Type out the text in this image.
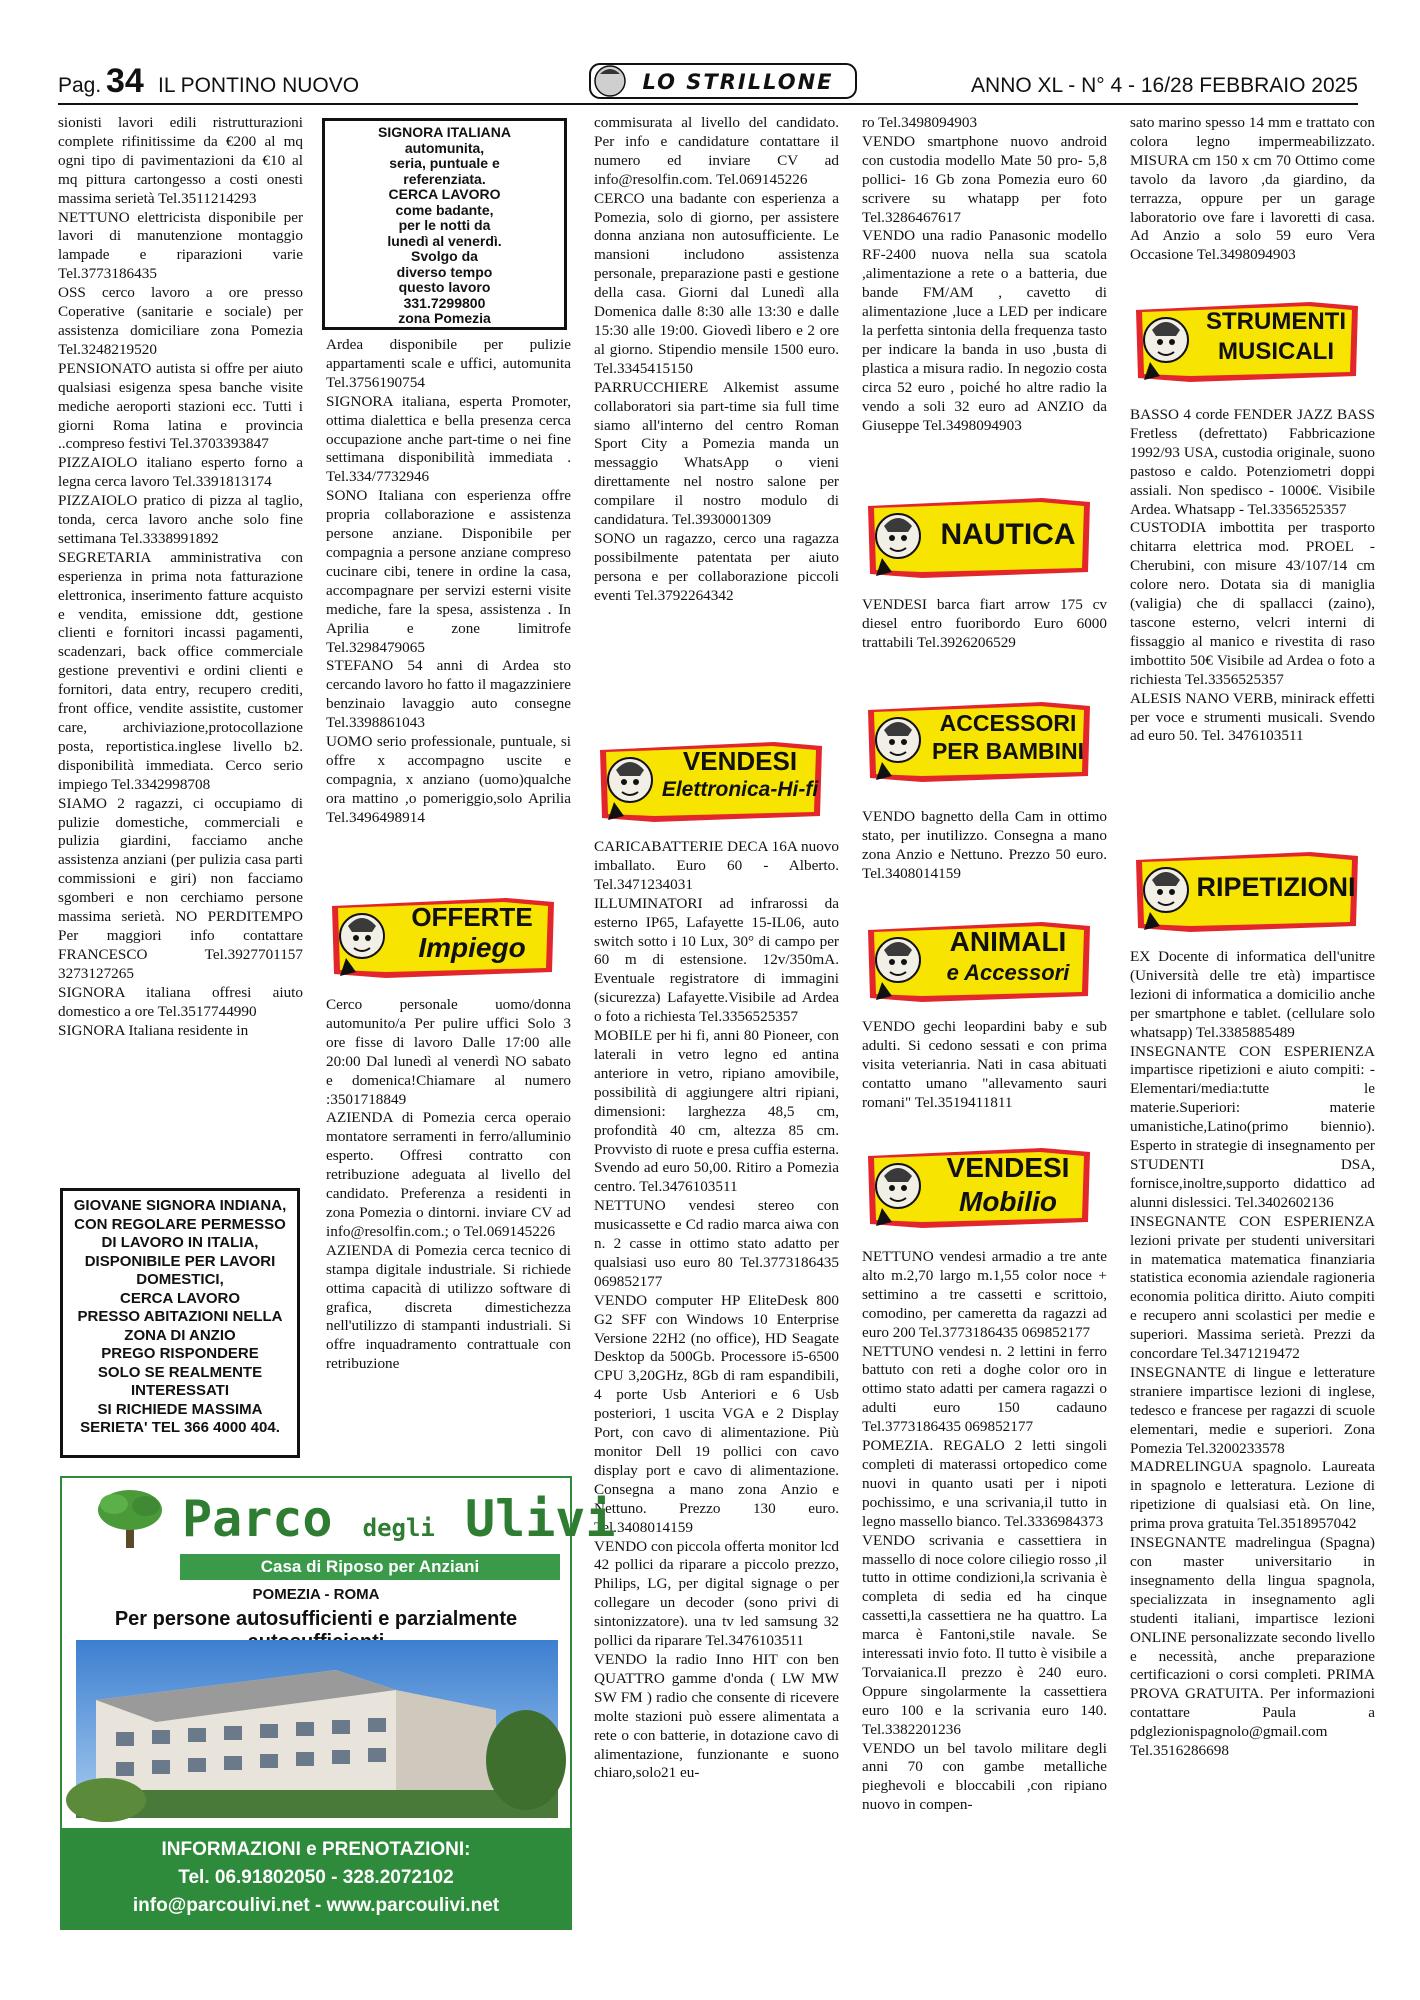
Pag. 34 IL PONTINO NUOVO	LO STRILLONE	ANNO XL - N° 4 - 16/28 FEBBRAIO 2025

sionisti lavori edili ristrutturazioni complete rifinitissime da €200 al mq ogni tipo di pavimentazioni da €10 al mq pittura cartongesso a costi onesti massima serietà Tel.3511214293

NETTUNO elettricista disponibile per lavori di manutenzione montaggio lampade e riparazioni varie Tel.3773186435

OSS cerco lavoro a ore presso Coperative (sanitarie e sociale) per assistenza domiciliare zona Pomezia Tel.3248219520

PENSIONATO autista si offre per aiuto qualsiasi esigenza spesa banche visite mediche aeroporti stazioni ecc. Tutti i giorni Roma latina e provincia ..compreso festivi Tel.3703393847

PIZZAIOLO italiano esperto forno a legna cerca lavoro Tel.3391813174

PIZZAIOLO pratico di pizza al taglio, tonda, cerca lavoro anche solo fine settimana Tel.3338991892

SEGRETARIA amministrativa con esperienza in prima nota fatturazione elettronica, inserimento fatture acquisto e vendita, emissione ddt, gestione clienti e fornitori incassi pagamenti, scadenzari, back office commerciale gestione preventivi e ordini clienti e fornitori, data entry, recupero crediti, front office, vendite assistite, customer care, archiviazione,protocollazione posta, reportistica.inglese livello b2. disponibilità immediata. Cerco serio impiego Tel.3342998708

SIAMO 2 ragazzi, ci occupiamo di pulizie domestiche, commerciali e pulizia giardini, facciamo anche assistenza anziani (per pulizia casa parti commissioni e giri) non facciamo sgomberi e non cerchiamo persone massima serietà. NO PERDITEMPO Per maggiori info contattare FRANCESCO Tel.3927701157 3273127265

SIGNORA italiana offresi aiuto domestico a ore Tel.3517744990

SIGNORA Italiana residente in

GIOVANE SIGNORA INDIANA,
CON REGOLARE PERMESSO
DI LAVORO IN ITALIA,
DISPONIBILE PER LAVORI
DOMESTICI,
CERCA LAVORO
PRESSO ABITAZIONI NELLA
ZONA DI ANZIO
PREGO RISPONDERE
SOLO SE REALMENTE
INTERESSATI
SI RICHIEDE MASSIMA
SERIETA' TEL 366 4000 404.
SIGNORA ITALIANA
automunita,
seria, puntuale e
referenziata.
CERCA LAVORO
come badante,
per le notti da
lunedì al venerdì.
Svolgo da
diverso tempo
questo lavoro
331.7299800
zona Pomezia

Ardea disponibile per pulizie appartamenti scale e uffici, automunita Tel.3756190754

SIGNORA italiana, esperta Promoter, ottima dialettica e bella presenza cerca occupazione anche part-time o nei fine settimana disponibilità immediata . Tel.334/7732946

SONO Italiana con esperienza offre propria collaborazione e assistenza persone anziane. Disponibile per compagnia a persone anziane compreso cucinare cibi, tenere in ordine la casa, accompagnare per servizi esterni visite mediche, fare la spesa, assistenza . In Aprilia e zone limitrofe Tel.3298479065

STEFANO 54 anni di Ardea sto cercando lavoro ho fatto il magazziniere benzinaio lavaggio auto consegne Tel.3398861043

UOMO serio professionale, puntuale, si offre x accompagno uscite e compagnia, x anziano (uomo)qualche ora mattino ,o pomeriggio,solo Aprilia Tel.3496498914

OFFERTE
Impiego

Cerco personale uomo/donna automunito/a Per pulire uffici Solo 3 ore fisse di lavoro Dalle 17:00 alle 20:00 Dal lunedì al venerdì NO sabato e domenica!Chiamare al numero :3501718849

AZIENDA di Pomezia cerca operaio montatore serramenti in ferro/alluminio esperto. Offresi contratto con retribuzione adeguata al livello del candidato. Preferenza a residenti in zona Pomezia o dintorni. inviare CV ad info@resolfin.com.; o Tel.069145226

AZIENDA di Pomezia cerca tecnico di stampa digitale industriale. Si richiede ottima capacità di utilizzo software di grafica, discreta dimestichezza nell'utilizzo di stampanti industriali. Si offre inquadramento contrattuale con retribuzione

commisurata al livello del candidato. Per info e candidature contattare il numero ed inviare CV ad info@resolfin.com. Tel.069145226

CERCO una badante con esperienza a Pomezia, solo di giorno, per assistere donna anziana non autosufficiente. Le mansioni includono assistenza personale, preparazione pasti e gestione della casa. Giorni dal Lunedì alla Domenica dalle 8:30 alle 13:30 e dalle 15:30 alle 19:00. Giovedì libero e 2 ore al giorno. Stipendio mensile 1500 euro. Tel.3345415150

PARRUCCHIERE Alkemist assume collaboratori sia part-time sia full time siamo all'interno del centro Roman Sport City a Pomezia manda un messaggio WhatsApp o vieni direttamente nel nostro salone per compilare il nostro modulo di candidatura. Tel.3930001309

SONO un ragazzo, cerco una ragazza possibilmente patentata per aiuto persona e per collaborazione piccoli eventi Tel.3792264342

VENDESI
Elettronica-Hi-fi

CARICABATTERIE DECA 16A nuovo imballato. Euro 60 - Alberto. Tel.3471234031

ILLUMINATORI ad infrarossi da esterno IP65, Lafayette 15-IL06, auto switch sotto i 10 Lux, 30° di campo per 60 m di estensione. 12v/350mA. Eventuale registratore di immagini (sicurezza) Lafayette.Visibile ad Ardea o foto a richiesta Tel.3356525357

MOBILE per hi fi, anni 80 Pioneer, con laterali in vetro legno ed antina anteriore in vetro, ripiano amovibile, possibilità di aggiungere altri ripiani, dimensioni: larghezza 48,5 cm, profondità 40 cm, altezza 85 cm. Provvisto di ruote e presa cuffia esterna. Svendo ad euro 50,00. Ritiro a Pomezia centro. Tel.3476103511

NETTUNO vendesi stereo con musicassette e Cd radio marca aiwa con n. 2 casse in ottimo stato adatto per qualsiasi uso euro 80 Tel.3773186435 069852177

VENDO computer HP EliteDesk 800 G2 SFF con Windows 10 Enterprise Versione 22H2 (no office), HD Seagate Desktop da 500Gb. Processore i5-6500 CPU 3,20GHz, 8Gb di ram espandibili, 4 porte Usb Anteriori e 6 Usb posteriori, 1 uscita VGA e 2 Display Port, con cavo di alimentazione. Più monitor Dell 19 pollici con cavo display port e cavo di alimentazione. Consegna a mano zona Anzio e Nettuno. Prezzo 130 euro. Tel.3408014159

VENDO con piccola offerta monitor lcd 42 pollici da riparare a piccolo prezzo, Philips, LG, per digital signage o per collegare un decoder (sono privi di sintonizzatore). una tv led samsung 32 pollici da riparare Tel.3476103511

VENDO la radio Inno HIT con ben QUATTRO gamme d'onda ( LW MW SW FM ) radio che consente di ricevere molte stazioni può essere alimentata a rete o con batterie, in dotazione cavo di alimentazione, funzionante e suono chiaro,solo21 eu-

ro Tel.3498094903

VENDO smartphone nuovo android con custodia modello Mate 50 pro- 5,8 pollici- 16 Gb zona Pomezia euro 60 scrivere su whatapp per foto Tel.3286467617

VENDO una radio Panasonic modello RF-2400 nuova nella sua scatola ,alimentazione a rete o a batteria, due bande FM/AM , cavetto di alimentazione ,luce a LED per indicare la perfetta sintonia della frequenza tasto per indicare la banda in uso ,busta di plastica a misura radio. In negozio costa circa 52 euro , poiché ho altre radio la vendo a soli 32 euro ad ANZIO da Giuseppe Tel.3498094903

NAUTICA

VENDESI barca fiart arrow 175 cv diesel entro fuoribordo Euro 6000 trattabili Tel.3926206529

ACCESSORI
PER BAMBINI

VENDO bagnetto della Cam in ottimo stato, per inutilizzo. Consegna a mano zona Anzio e Nettuno. Prezzo 50 euro. Tel.3408014159

ANIMALI
e Accessori

VENDO gechi leopardini baby e sub adulti. Si cedono sessati e con prima visita veterianria. Nati in casa abituati contatto umano "allevamento sauri romani" Tel.3519411811

VENDESI
Mobilio

NETTUNO vendesi armadio a tre ante alto m.2,70 largo m.1,55 color noce + settimino a tre cassetti e scrittoio, comodino, per cameretta da ragazzi ad euro 200 Tel.3773186435 069852177

NETTUNO vendesi n. 2 lettini in ferro battuto con reti a doghe color oro in ottimo stato adatti per camera ragazzi o adulti euro 150 cadauno Tel.3773186435 069852177

POMEZIA. REGALO 2 letti singoli completi di materassi ortopedico come nuovi in quanto usati per i nipoti pochissimo, e una scrivania,il tutto in legno massello bianco. Tel.3336984373

VENDO scrivania e cassettiera in massello di noce colore ciliegio rosso ,il tutto in ottime condizioni,la scrivania è completa di sedia ed ha cinque cassetti,la cassettiera ne ha quattro. La marca è Fantoni,stile navale. Se interessati invio foto. Il tutto è visibile a Torvaianica.Il prezzo è 240 euro. Oppure singolarmente la cassettiera euro 100 e la scrivania euro 140. Tel.3382201236

VENDO un bel tavolo militare degli anni 70 con gambe metalliche pieghevoli e bloccabili ,con ripiano nuovo in compen-

sato marino spesso 14 mm e trattato con colora legno impermeabilizzato. MISURA cm 150 x cm 70 Ottimo come tavolo da lavoro ,da giardino, da terrazza, oppure per un garage laboratorio ove fare i lavoretti di casa. Ad Anzio a solo 59 euro Vera Occasione Tel.3498094903

STRUMENTI
MUSICALI

BASSO 4 corde FENDER JAZZ BASS Fretless (defrettato) Fabbricazione 1992/93 USA, custodia originale, suono pastoso e caldo. Potenziometri doppi assiali. Non spedisco - 1000€. Visibile Ardea. Whatsapp - Tel.3356525357

CUSTODIA imbottita per trasporto chitarra elettrica mod. PROEL - Cherubini, con misure 43/107/14 cm colore nero. Dotata sia di maniglia (valigia) che di spallacci (zaino), tascone esterno, velcri interni di fissaggio al manico e rivestita di raso imbottito 50€ Visibile ad Ardea o foto a richiesta Tel.3356525357

ALESIS NANO VERB, minirack effetti per voce e strumenti musicali. Svendo ad euro 50. Tel. 3476103511

RIPETIZIONI

EX Docente di informatica dell'unitre (Università delle tre età) impartisce lezioni di informatica a domicilio anche per smartphone e tablet. (cellulare solo whatsapp) Tel.3385885489

INSEGNANTE CON ESPERIENZA impartisce ripetizioni e aiuto compiti: -Elementari/media:tutte le materie.Superiori: materie umanistiche,Latino(primo biennio). Esperto in strategie di insegnamento per STUDENTI DSA, fornisce,inoltre,supporto didattico ad alunni dislessici. Tel.3402602136

INSEGNANTE CON ESPERIENZA lezioni private per studenti universitari in matematica matematica finanziaria statistica economia aziendale ragioneria economia politica diritto. Aiuto compiti e recupero anni scolastici per medie e superiori. Massima serietà. Prezzi da concordare Tel.3471219472

INSEGNANTE di lingue e letterature straniere impartisce lezioni di inglese, tedesco e francese per ragazzi di scuole elementari, medie e superiori. Zona Pomezia Tel.3200233578

MADRELINGUA spagnolo. Laureata in spagnolo e letteratura. Lezione di ripetizione di qualsiasi età. On line, prima prova gratuita Tel.3518957042

INSEGNANTE madrelingua (Spagna) con master universitario in insegnamento della lingua spagnola, specializzata in insegnamento agli studenti italiani, impartisce lezioni ONLINE personalizzate secondo livello e necessità, anche preparazione certificazioni o corsi completi. PRIMA PROVA GRATUITA. Per informazioni contattare Paula a pdglezionispagnolo@gmail.com Tel.3516286698

Parco degli Ulivi
Casa di Riposo per Anziani
POMEZIA - ROMA
Per persone autosufficienti e parzialmente
INFORMAZIONI e PRENOTAZIONI:
Tel. 06.91802050 - 328.2072102
info@parcoulivi.net - www.parcoulivi.net
